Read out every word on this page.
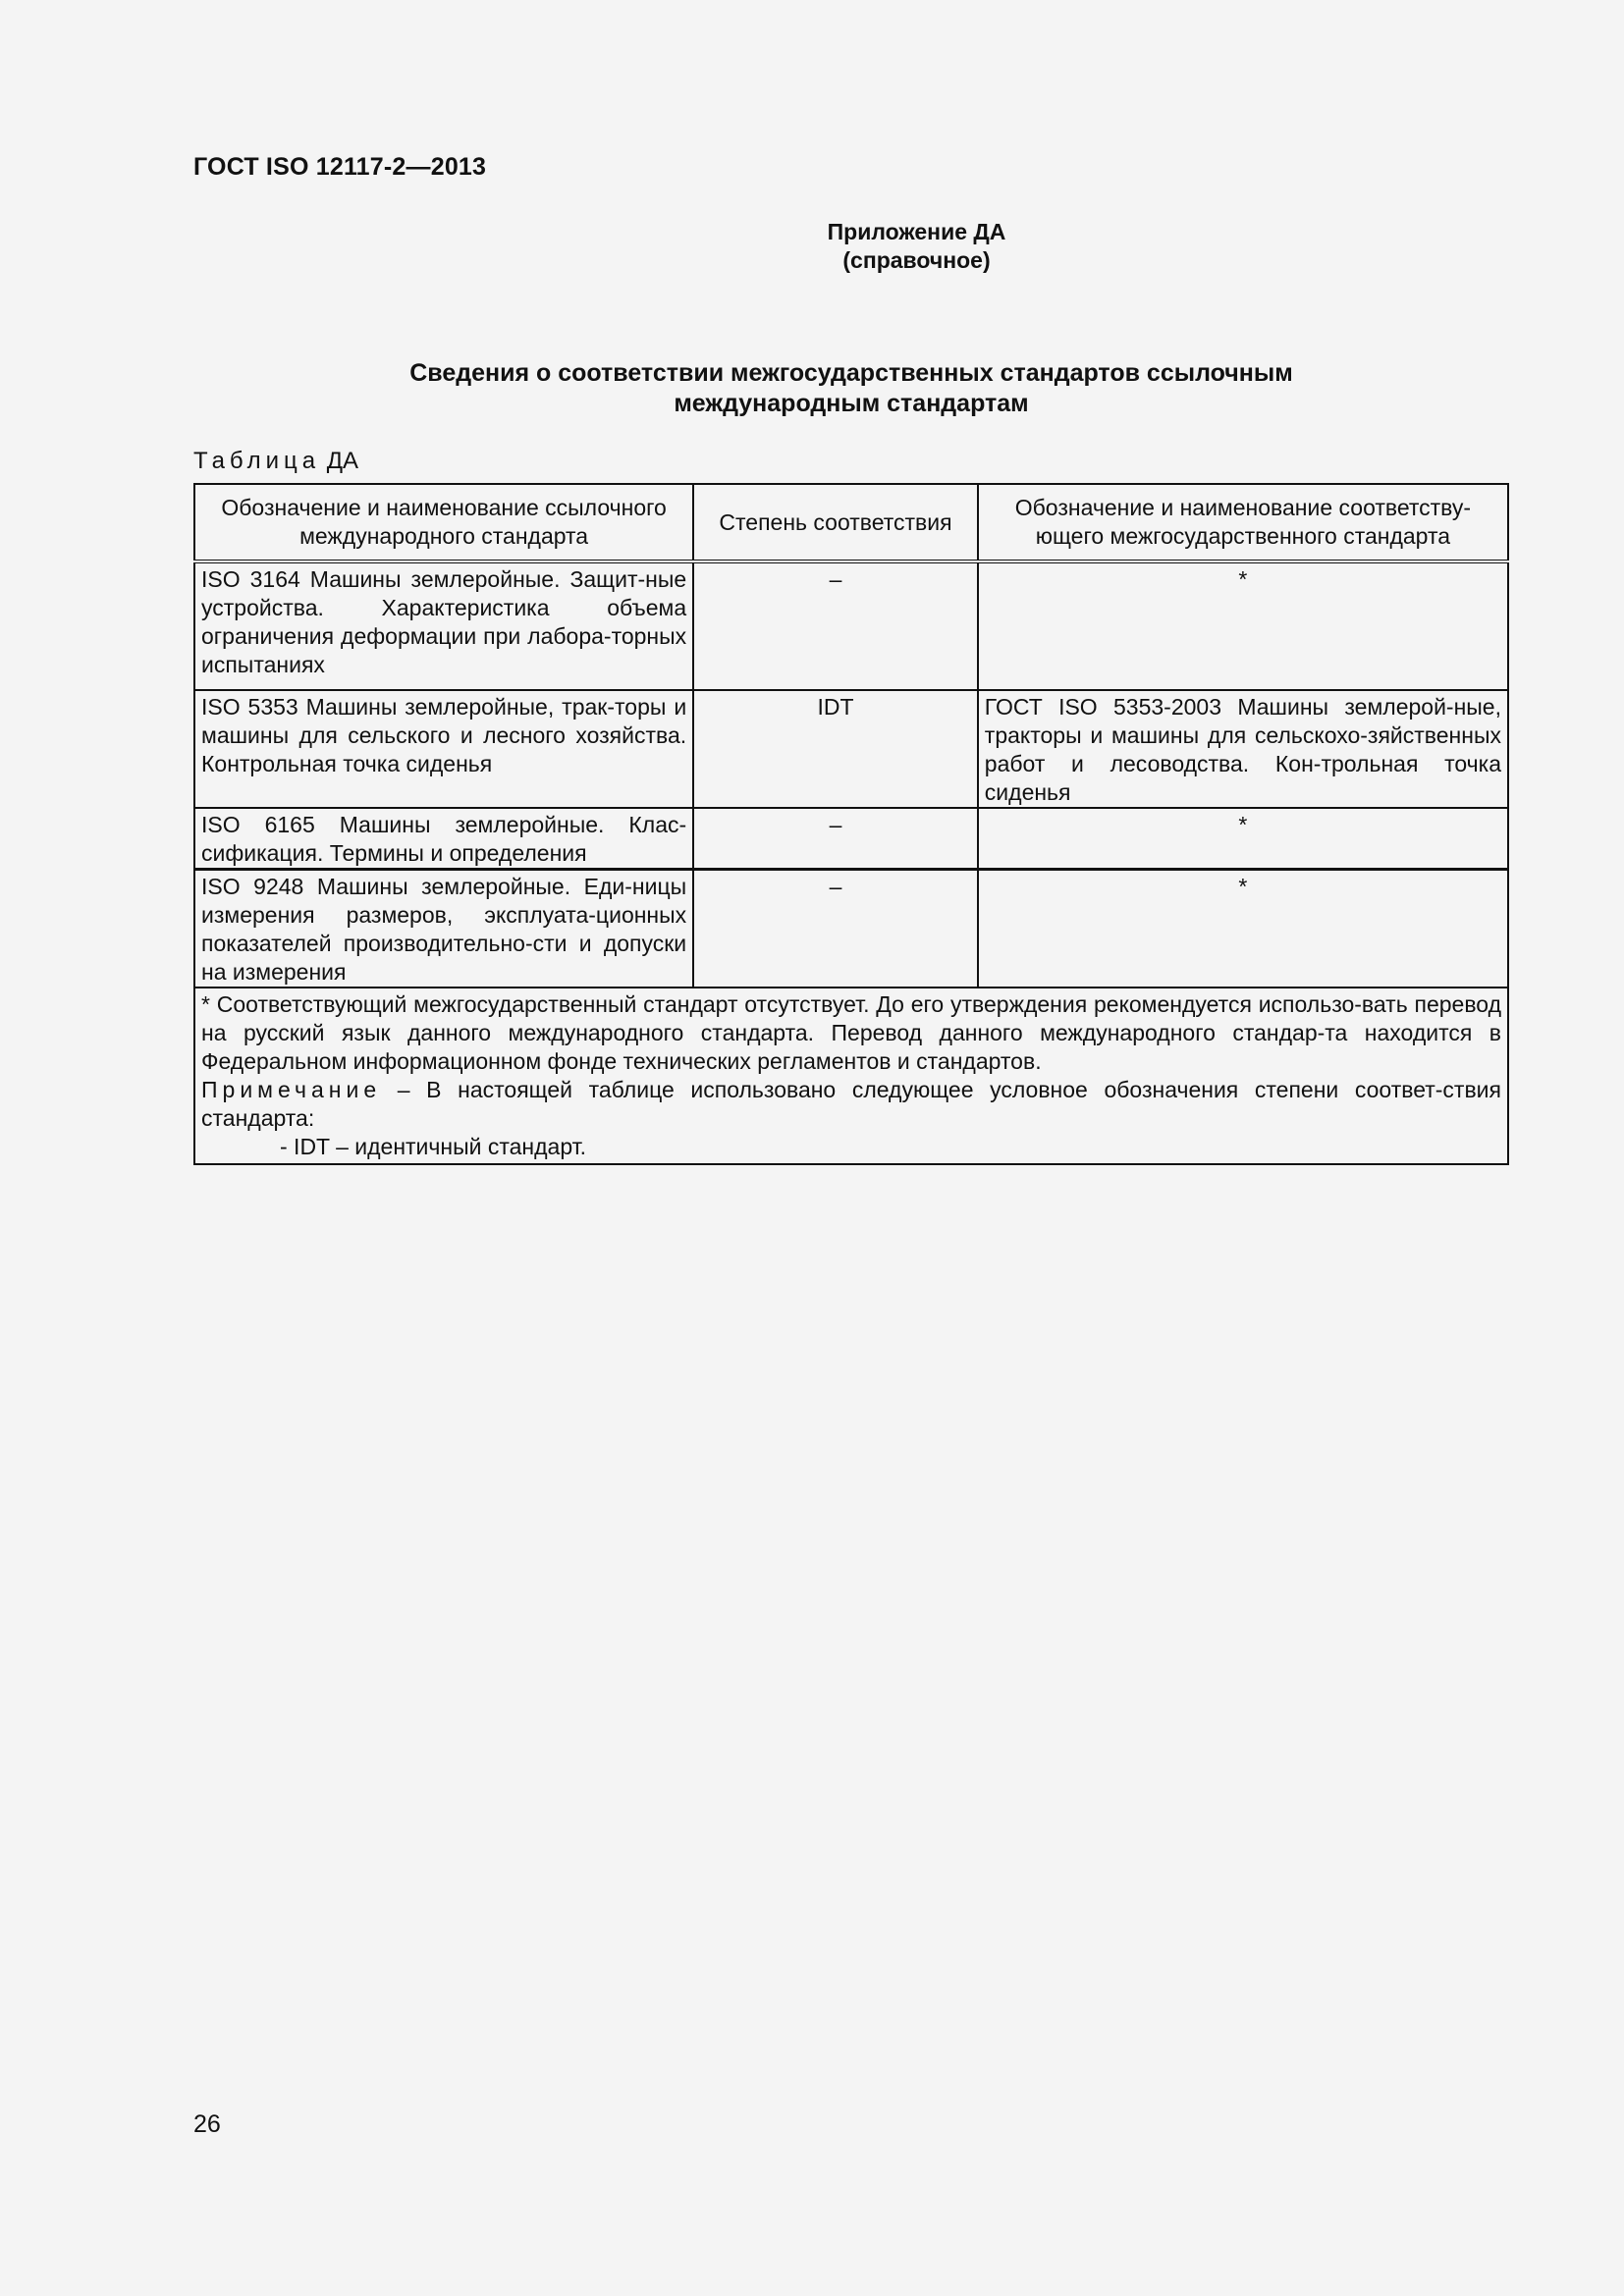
ГОСТ ISO 12117-2—2013
Приложение ДА
(справочное)
Сведения о соответствии межгосударственных стандартов ссылочным
международным стандартам
Таблица ДА
Обозначение и наименование ссылочного международного стандарта	Степень соответствия	Обозначение и наименование соответству-ющего межгосударственного стандарта
ISO 3164 Машины землеройные. Защит-ные устройства. Характеристика объема ограничения деформации при лабора-торных испытаниях	–	*
ISO 5353 Машины землеройные, трак-торы и машины для сельского и лесного хозяйства. Контрольная точка сиденья	IDT	ГОСТ ISO 5353-2003 Машины землерой-ные, тракторы и машины для сельскохо-зяйственных работ и лесоводства. Кон-трольная точка сиденья
ISO 6165 Машины землеройные. Клас-сификация. Термины и определения	–	*
ISO 9248 Машины землеройные. Еди-ницы измерения размеров, эксплуата-ционных показателей производительно-сти и допуски на измерения	–	*

* Соответствующий межгосударственный стандарт отсутствует. До его утверждения рекомендуется использо-вать перевод на русский язык данного международного стандарта. Перевод данного международного стандар-та находится в Федеральном информационном фонде технических регламентов и стандартов.

Примечание – В настоящей таблице использовано следующее условное обозначения степени соответ-ствия стандарта:

- IDT – идентичный стандарт.		

26
